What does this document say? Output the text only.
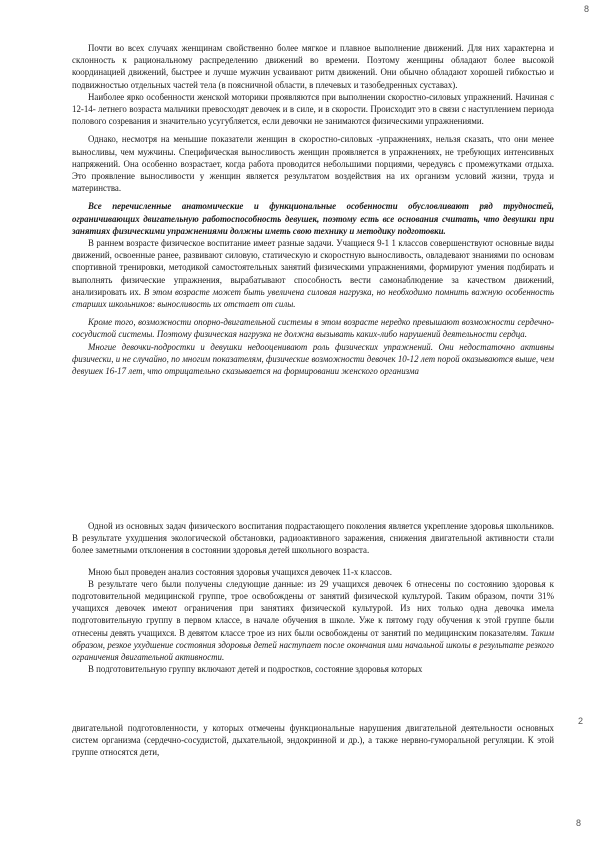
8

Почти во всех случаях женщинам свойственно более мягкое и плавное выполнение движений. Для них характерна и склонность к рациональному распределению движений во времени. Поэтому женщины обладают более высокой координацией движений, быстрее и лучше мужчин усваивают ритм движений. Они обычно обладают хорошей гибкостью и подвижностью отдельных частей тела (в поясничной области, в плечевых и тазобедренных суставах).

Наиболее ярко особенности женской моторики проявляются при выполнении скоростно-силовых упражнений. Начиная с 12-14- летнего возраста мальчики превосходят девочек и в силе, и в скорости. Происходит это в связи с наступлением периода полового созревания и значительно усугубляется, если девочки не занимаются физическими упражнениями.

Однако, несмотря на меньшие показатели женщин в скоростно-силовых -упражнениях, нельзя сказать, что они менее выносливы, чем мужчины. Специфическая выносливость женщин проявляется в упражнениях, не требующих интенсивных напряжений. Она особенно возрастает, когда работа проводится небольшими порциями, чередуясь с промежутками отдыха. Это проявление выносливости у женщин является результатом воздействия на их организм условий жизни, труда и материнства.

Все перечисленные анатомические и функциональные особенности обусловливают ряд трудностей, ограничивающих двигательную работоспособность девушек, поэтому есть все основания считать, что девушки при занятиях физическими упражнениями должны иметь свою технику и методику подготовки.

В раннем возрасте физическое воспитание имеет разные задачи. Учащиеся 9-1 1 классов совершенствуют основные виды движений, освоенные ранее, развивают силовую, статическую и скоростную выносливость, овладевают знаниями по основам спортивной тренировки, методикой самостоятельных занятий физическими упражнениями, формируют умения подбирать и выполнять физические упражнения, вырабатывают способность вести самонаблюдение за качеством движений, анализировать их. В этом возрасте может быть увеличена силовая нагрузка, но необходимо помнить важную особенность старших школьников: выносливость их отстает от силы.

Кроме того, возможности опорно-двигательной системы в этом возрасте нередко превышают возможности сердечно-сосудистой системы. Поэтому физическая нагрузка не должна вызывать каких-либо нарушений деятельности сердца.

Многие девочки-подростки и девушки недооценивают роль физических упражнений. Они недостаточно активны физически, и не случайно, по многим показателям, физические возможности девочек 10-12 лет порой оказываются выше, чем девушек 16-17 лет, что отрицательно сказывается на формировании женского организма

Одной из основных задач физического воспитания подрастающего поколения является укрепление здоровья школьников. В результате ухудшения экологической обстановки, радиоактивного заражения, снижения двигательной активности стали более заметными отклонения в состоянии здоровья детей школьного возраста.

Мною был проведен анализ состояния здоровья учащихся девочек 11-х классов.

В результате чего были получены следующие данные: из 29 учащихся девочек 6 отнесены по состоянию здоровья к подготовительной медицинской группе, трое освобождены от занятий физической культурой. Таким образом, почти 31% учащихся девочек имеют ограничения при занятиях физической культурой. Из них только одна девочка имела подготовительную группу в первом классе, в начале обучения в школе. Уже к пятому году обучения к этой группе были отнесены девять учащихся. В девятом классе трое из них были освобождены от занятий по медицинским показателям. Таким образом, резкое ухудшение состояния здоровья детей наступает после окончания ими начальной школы в результате резкого ограничения двигательной активности.

В подготовительную группу включают детей и подростков, состояние здоровья которых

2

двигательной подготовленности, у которых отмечены функциональные нарушения двигательной деятельности основных систем организма (сердечно-сосудистой, дыхательной, эндокринной и др.), а также нервно-гуморальной регуляции. К этой группе относятся дети,

8
